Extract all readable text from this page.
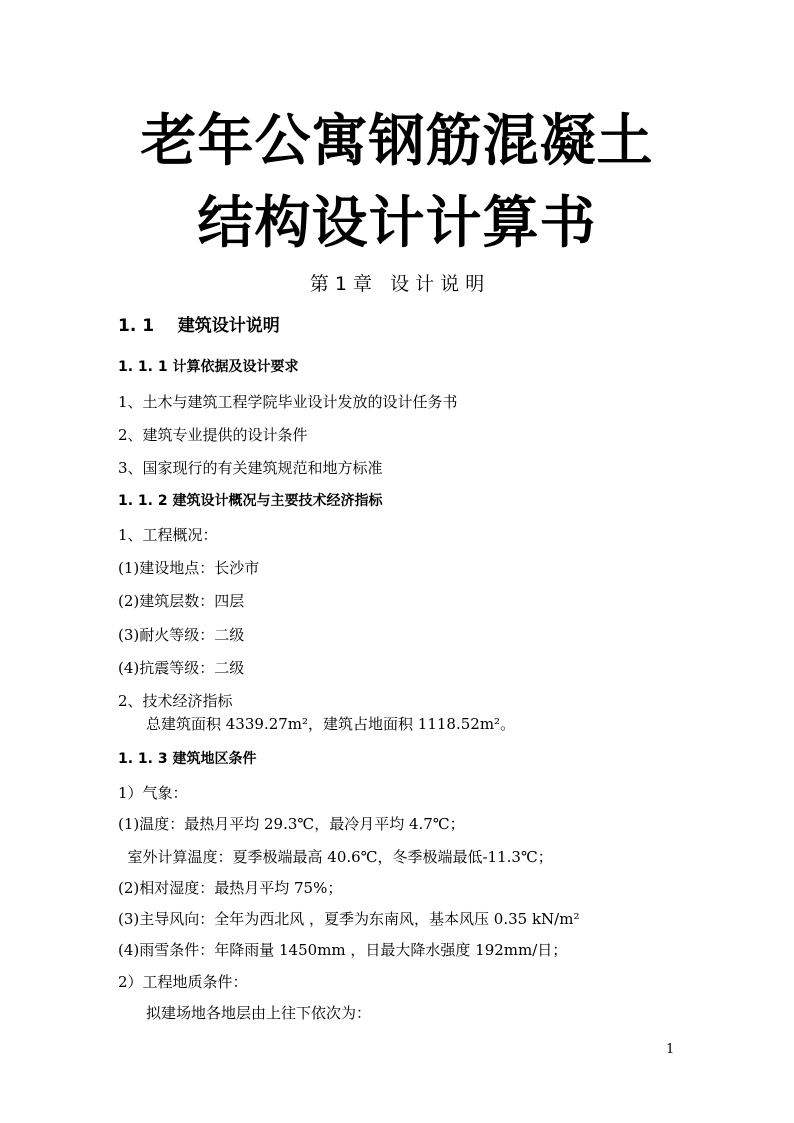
老年公寓钢筋混凝土
结构设计计算书
第 1 章   设 计 说 明
1. 1    建筑设计说明
1. 1. 1 计算依据及设计要求
1、土木与建筑工程学院毕业设计发放的设计任务书
2、建筑专业提供的设计条件
3、国家现行的有关建筑规范和地方标准
1. 1. 2 建筑设计概况与主要技术经济指标
1、工程概况：
(1)建设地点：长沙市
(2)建筑层数：四层
(3)耐火等级：二级
(4)抗震等级：二级
2、技术经济指标
总建筑面积 4339.27m²，建筑占地面积 1118.52m²。
1. 1. 3 建筑地区条件
1）气象：
(1)温度：最热月平均 29.3℃，最冷月平均 4.7℃；
室外计算温度：夏季极端最高 40.6℃，冬季极端最低-11.3℃；
(2)相对湿度：最热月平均 75%；
(3)主导风向：全年为西北风 ，夏季为东南风，基本风压 0.35 kN/m²
(4)雨雪条件：年降雨量 1450mm ，日最大降水强度 192mm/日；
2）工程地质条件：
拟建场地各地层由上往下依次为：
1
